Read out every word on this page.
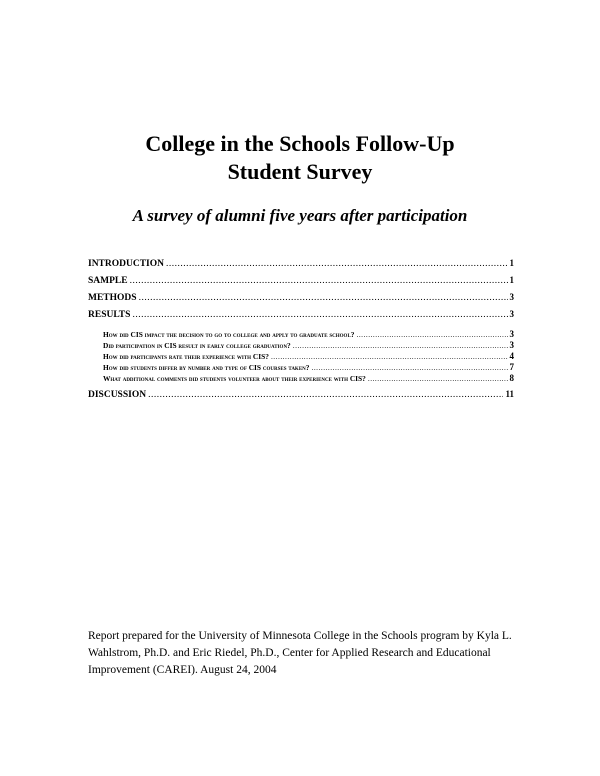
College in the Schools Follow-Up
Student Survey
A survey of alumni five years after participation
INTRODUCTION .....	1
SAMPLE .....	1
METHODS .....	3
RESULTS .....	3
How did CIS impact the decision to go to college and apply to graduate school? .....	3
Did participation in CIS result in early college graduation? .....	3
How did participants rate their experience with CIS? .....	4
How did students differ by number and type of CIS courses taken? .....	7
What additional comments did students volunteer about their experience with CIS? .....	8
DISCUSSION .....	11
Report prepared for the University of Minnesota College in the Schools program by Kyla L. Wahlstrom, Ph.D. and Eric Riedel, Ph.D., Center for Applied Research and Educational Improvement (CAREI). August 24, 2004
